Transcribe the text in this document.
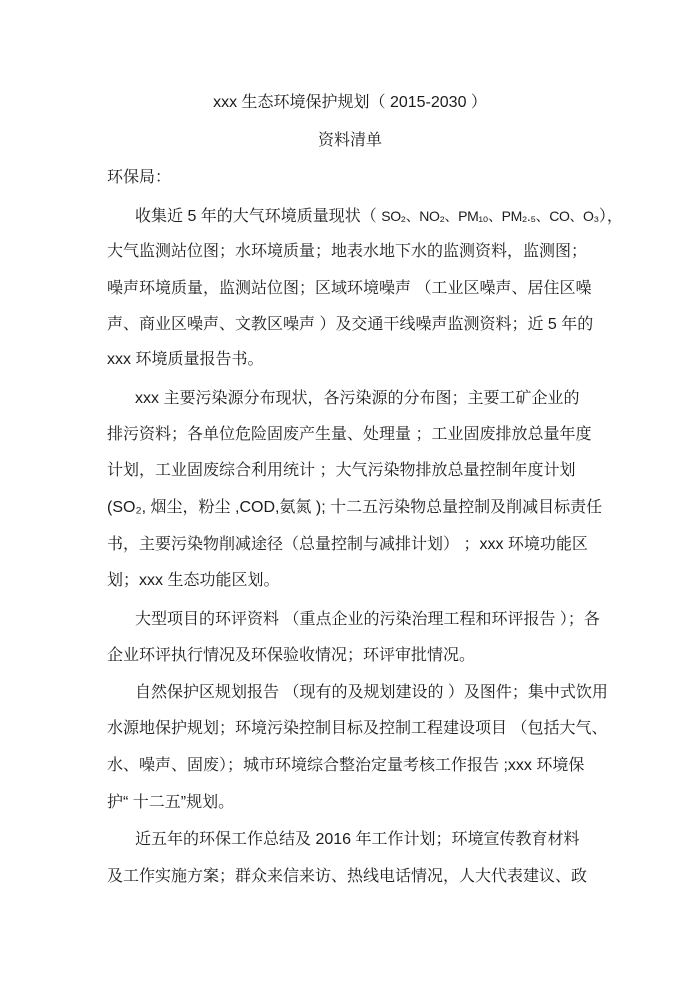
xxx 生态环境保护规划（ 2015-2030 ）
资料清单
环保局：
收集近 5 年的大气环境质量现状（ SO₂、NO₂、PM₁₀、PM₂.₅、CO、O₃），
大气监测站位图；水环境质量；地表水地下水的监测资料，监测图；
噪声环境质量，监测站位图；区域环境噪声 （工业区噪声、居住区噪
声、商业区噪声、文教区噪声 ）及交通干线噪声监测资料；近 5 年的
xxx 环境质量报告书。
xxx 主要污染源分布现状，各污染源的分布图；主要工矿企业的
排污资料；各单位危险固废产生量、处理量 ；工业固废排放总量年度
计划，工业固废综合利用统计 ；大气污染物排放总量控制年度计划
(SO₂, 烟尘，粉尘 ,COD,氨氮 ); 十二五污染物总量控制及削减目标责任
书，主要污染物削减途径（总量控制与减排计划） ；xxx 环境功能区
划；xxx 生态功能区划。
大型项目的环评资料 （重点企业的污染治理工程和环评报告 ）；各
企业环评执行情况及环保验收情况；环评审批情况。
自然保护区规划报告 （现有的及规划建设的 ）及图件；集中式饮用
水源地保护规划；环境污染控制目标及控制工程建设项目 （包括大气、
水、噪声、固废）；城市环境综合整治定量考核工作报告 ;xxx 环境保
护“ 十二五”规划。
近五年的环保工作总结及 2016 年工作计划；环境宣传教育材料
及工作实施方案；群众来信来访、热线电话情况，人大代表建议、政
